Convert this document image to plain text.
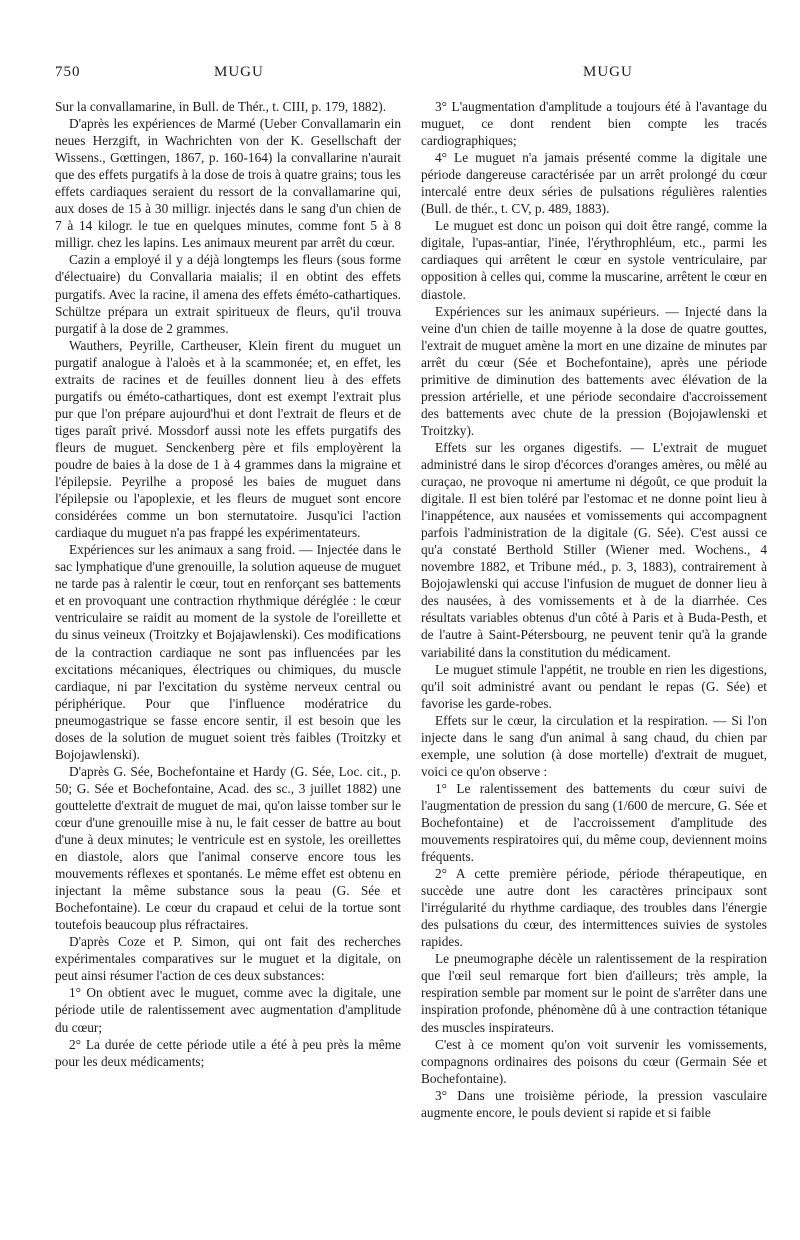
750	MUGU	MUGU

Sur la convallamarine, in Bull. de Thér., t. CIII, p. 179, 1882).

D'après les expériences de Marmé (Ueber Convallamarin ein neues Herzgift, in Wachrichten von der K. Gesellschaft der Wissens., Gœttingen, 1867, p. 160-164) la convallarine n'aurait que des effets purgatifs à la dose de trois à quatre grains; tous les effets cardiaques seraient du ressort de la convallamarine qui, aux doses de 15 à 30 milligr. injectés dans le sang d'un chien de 7 à 14 kilogr. le tue en quelques minutes, comme font 5 à 8 milligr. chez les lapins. Les animaux meurent par arrêt du cœur.

Cazin a employé il y a déjà longtemps les fleurs (sous forme d'électuaire) du Convallaria maialis; il en obtint des effets purgatifs. Avec la racine, il amena des effets éméto-cathartiques. Schültze prépara un extrait spiritueux de fleurs, qu'il trouva purgatif à la dose de 2 grammes.

Wauthers, Peyrille, Cartheuser, Klein firent du muguet un purgatif analogue à l'aloès et à la scammonée; et, en effet, les extraits de racines et de feuilles donnent lieu à des effets purgatifs ou éméto-cathartiques, dont est exempt l'extrait plus pur que l'on prépare aujourd'hui et dont l'extrait de fleurs et de tiges paraît privé. Mossdorf aussi note les effets purgatifs des fleurs de muguet. Senckenberg père et fils employèrent la poudre de baies à la dose de 1 à 4 grammes dans la migraine et l'épilepsie. Peyrilhe a proposé les baies de muguet dans l'épilepsie ou l'apoplexie, et les fleurs de muguet sont encore considérées comme un bon sternutatoire. Jusqu'ici l'action cardiaque du muguet n'a pas frappé les expérimentateurs.

Expériences sur les animaux a sang froid. — Injectée dans le sac lymphatique d'une grenouille, la solution aqueuse de muguet ne tarde pas à ralentir le cœur, tout en renforçant ses battements et en provoquant une contraction rhythmique déréglée : le cœur ventriculaire se raidit au moment de la systole de l'oreillette et du sinus veineux (Troitzky et Bojajawlenski). Ces modifications de la contraction cardiaque ne sont pas influencées par les excitations mécaniques, électriques ou chimiques, du muscle cardiaque, ni par l'excitation du système nerveux central ou périphérique. Pour que l'influence modératrice du pneumogastrique se fasse encore sentir, il est besoin que les doses de la solution de muguet soient très faibles (Troitzky et Bojojawlenski).

D'après G. Sée, Bochefontaine et Hardy (G. Sée, Loc. cit., p. 50; G. Sée et Bochefontaine, Acad. des sc., 3 juillet 1882) une gouttelette d'extrait de muguet de mai, qu'on laisse tomber sur le cœur d'une grenouille mise à nu, le fait cesser de battre au bout d'une à deux minutes; le ventricule est en systole, les oreillettes en diastole, alors que l'animal conserve encore tous les mouvements réflexes et spontanés. Le même effet est obtenu en injectant la même substance sous la peau (G. Sée et Bochefontaine). Le cœur du crapaud et celui de la tortue sont toutefois beaucoup plus réfractaires.

D'après Coze et P. Simon, qui ont fait des recherches expérimentales comparatives sur le muguet et la digitale, on peut ainsi résumer l'action de ces deux substances:

1° On obtient avec le muguet, comme avec la digitale, une période utile de ralentissement avec augmentation d'amplitude du cœur;

2° La durée de cette période utile a été à peu près la même pour les deux médicaments;

3° L'augmentation d'amplitude a toujours été à l'avantage du muguet, ce dont rendent bien compte les tracés cardiographiques;

4° Le muguet n'a jamais présenté comme la digitale une période dangereuse caractérisée par un arrêt prolongé du cœur intercalé entre deux séries de pulsations régulières ralenties (Bull. de thér., t. CV, p. 489, 1883).

Le muguet est donc un poison qui doit être rangé, comme la digitale, l'upas-antiar, l'inée, l'érythrophléum, etc., parmi les cardiaques qui arrêtent le cœur en systole ventriculaire, par opposition à celles qui, comme la muscarine, arrêtent le cœur en diastole.

Expériences sur les animaux supérieurs. — Injecté dans la veine d'un chien de taille moyenne à la dose de quatre gouttes, l'extrait de muguet amène la mort en une dizaine de minutes par arrêt du cœur (Sée et Bochefontaine), après une période primitive de diminution des battements avec élévation de la pression artérielle, et une période secondaire d'accroissement des battements avec chute de la pression (Bojojawlenski et Troitzky).

Effets sur les organes digestifs. — L'extrait de muguet administré dans le sirop d'écorces d'oranges amères, ou mêlé au curaçao, ne provoque ni amertume ni dégoût, ce que produit la digitale. Il est bien toléré par l'estomac et ne donne point lieu à l'inappétence, aux nausées et vomissements qui accompagnent parfois l'administration de la digitale (G. Sée). C'est aussi ce qu'a constaté Berthold Stiller (Wiener med. Wochens., 4 novembre 1882, et Tribune méd., p. 3, 1883), contrairement à Bojojawlenski qui accuse l'infusion de muguet de donner lieu à des nausées, à des vomissements et à de la diarrhée. Ces résultats variables obtenus d'un côté à Paris et à Buda-Pesth, et de l'autre à Saint-Pétersbourg, ne peuvent tenir qu'à la grande variabilité dans la constitution du médicament.

Le muguet stimule l'appétit, ne trouble en rien les digestions, qu'il soit administré avant ou pendant le repas (G. Sée) et favorise les garde-robes.

Effets sur le cœur, la circulation et la respiration. — Si l'on injecte dans le sang d'un animal à sang chaud, du chien par exemple, une solution (à dose mortelle) d'extrait de muguet, voici ce qu'on observe :

1° Le ralentissement des battements du cœur suivi de l'augmentation de pression du sang (1/600 de mercure, G. Sée et Bochefontaine) et de l'accroissement d'amplitude des mouvements respiratoires qui, du même coup, deviennent moins fréquents.

2° A cette première période, période thérapeutique, en succède une autre dont les caractères principaux sont l'irrégularité du rhythme cardiaque, des troubles dans l'énergie des pulsations du cœur, des intermittences suivies de systoles rapides.

Le pneumographe décèle un ralentissement de la respiration que l'œil seul remarque fort bien d'ailleurs; très ample, la respiration semble par moment sur le point de s'arrêter dans une inspiration profonde, phénomène dû à une contraction tétanique des muscles inspirateurs.

C'est à ce moment qu'on voit survenir les vomissements, compagnons ordinaires des poisons du cœur (Germain Sée et Bochefontaine).

3° Dans une troisième période, la pression vasculaire augmente encore, le pouls devient si rapide et si faible
